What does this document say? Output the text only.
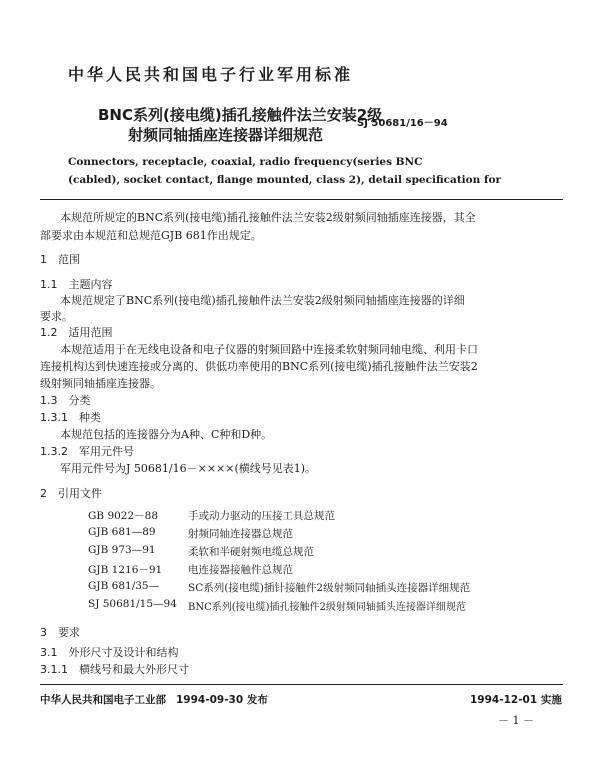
中华人民共和国电子行业军用标准
BNC系列(接电缆)插孔接触件法兰安装2级
射频同轴插座连接器详细规范
SJ 50681/16－94
Connectors, receptacle, coaxial, radio frequency(series BNC
(cabled), socket contact, flange mounted, class 2), detail specification for
本规范所规定的BNC系列(接电缆)插孔接触件法兰安装2级射频同轴插座连接器，其全
部要求由本规范和总规范GJB 681作出规定。
1　范围
1.1　主题内容
本规范规定了BNC系列(接电缆)插孔接触件法兰安装2级射频同轴插座连接器的详细
要求。
1.2　适用范围
本规范适用于在无线电设备和电子仪器的射频回路中连接柔软射频同轴电缆、利用卡口
连接机构达到快速连接或分离的、供低功率使用的BNC系列(接电缆)插孔接触件法兰安装2
级射频同轴插座连接器。
1.3　分类
1.3.1　种类
本规范包括的连接器分为A种、C种和D种。
1.3.2　军用元件号
军用元件号为J 50681/16－××××(横线号见表1)。
2　引用文件
GB 9022－88	手或动力驱动的压接工具总规范
GJB 681—89	射频同轴连接器总规范
GJB 973—91	柔软和半硬射频电缆总规范
GJB 1216－91 电连接器接触件总规范
GJB 681/35—	SC系列(接电缆)插针接触件2级射频同轴插头连接器详细规范
SJ 50681/15—94 BNC系列(接电缆)插孔接触件2级射频同轴插头连接器详细规范
3　要求
3.1　外形尺寸及设计和结构
3.1.1　横线号和最大外形尺寸
中华人民共和国电子工业部 1994-09-30 发布	1994-12-01 实施
－ 1 －
